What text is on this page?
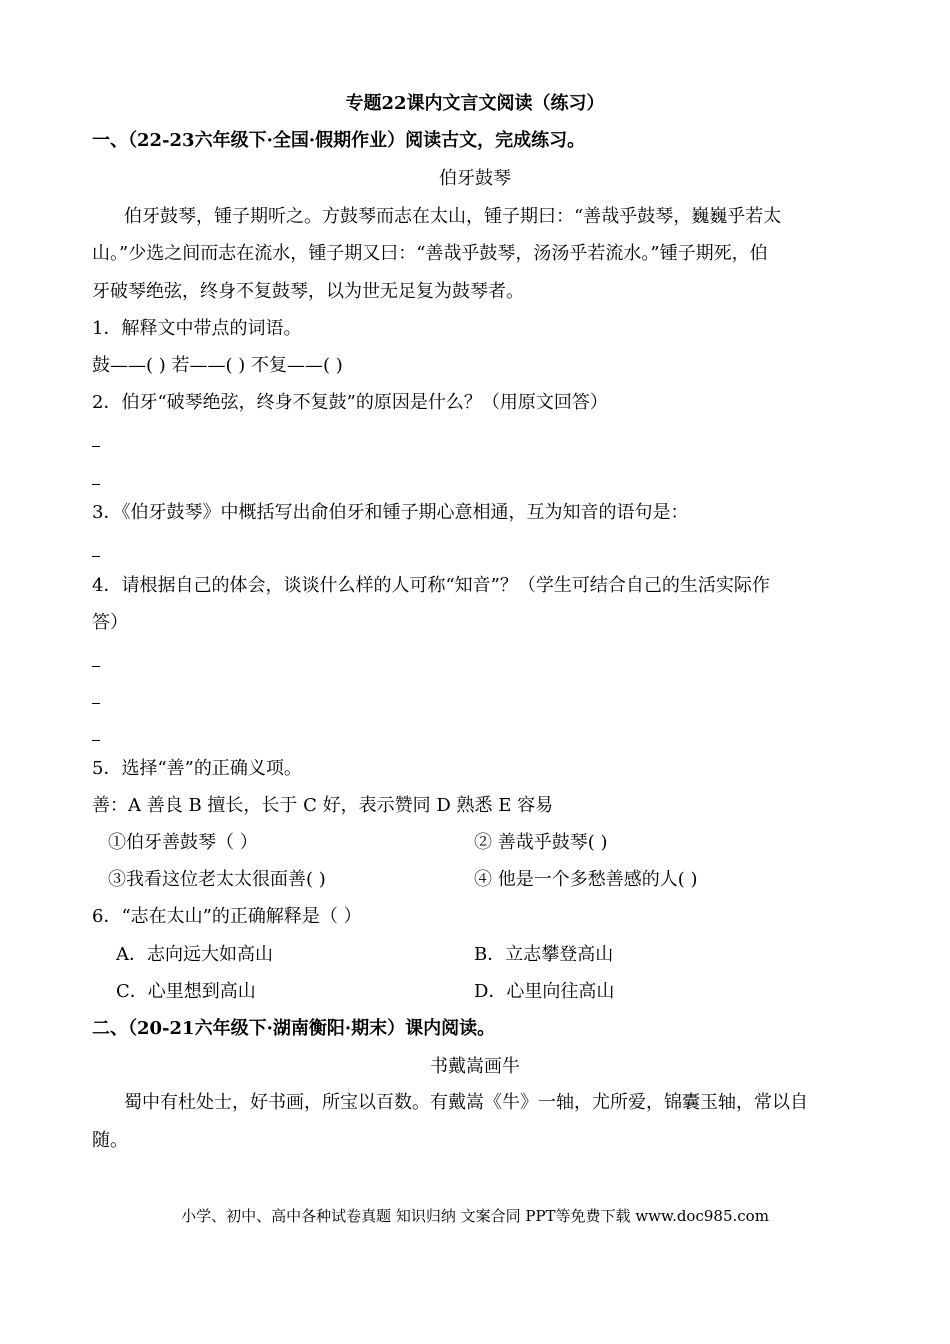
专题22课内文言文阅读（练习）
一、（22-23六年级下·全国·假期作业）阅读古文，完成练习。
伯牙鼓琴
伯牙鼓琴，锺子期听之。方鼓琴而志在太山，锺子期曰：“善哉乎鼓琴，巍巍乎若太
山。”少选之间而志在流水，锺子期又曰：“善哉乎鼓琴，汤汤乎若流水。”锺子期死，伯
牙破琴绝弦，终身不复鼓琴，以为世无足复为鼓琴者。
1．解释文中带点的词语。
鼓——( ) 若——( ) 不复——( )
2．伯牙“破琴绝弦，终身不复鼓”的原因是什么？（用原文回答）
3．《伯牙鼓琴》中概括写出俞伯牙和锺子期心意相通，互为知音的语句是：
4．请根据自己的体会，谈谈什么样的人可称“知音”？（学生可结合自己的生活实际作
答）
5．选择“善”的正确义项。
善：A 善良 B 擅长，长于 C 好，表示赞同 D 熟悉 E 容易
①伯牙善鼓琴（ ）	② 善哉乎鼓琴( )
③我看这位老太太很面善( )	④ 他是一个多愁善感的人( )
6．“志在太山”的正确解释是（ ）
A．志向远大如高山	B．立志攀登高山
C．心里想到高山	D．心里向往高山
二、（20-21六年级下·湖南衡阳·期末）课内阅读。
书戴嵩画牛
蜀中有杜处士，好书画，所宝以百数。有戴嵩《牛》一轴，尤所爱，锦囊玉轴，常以自
随。
小学、初中、高中各种试卷真题 知识归纳 文案合同 PPT等免费下载 www.doc985.com
